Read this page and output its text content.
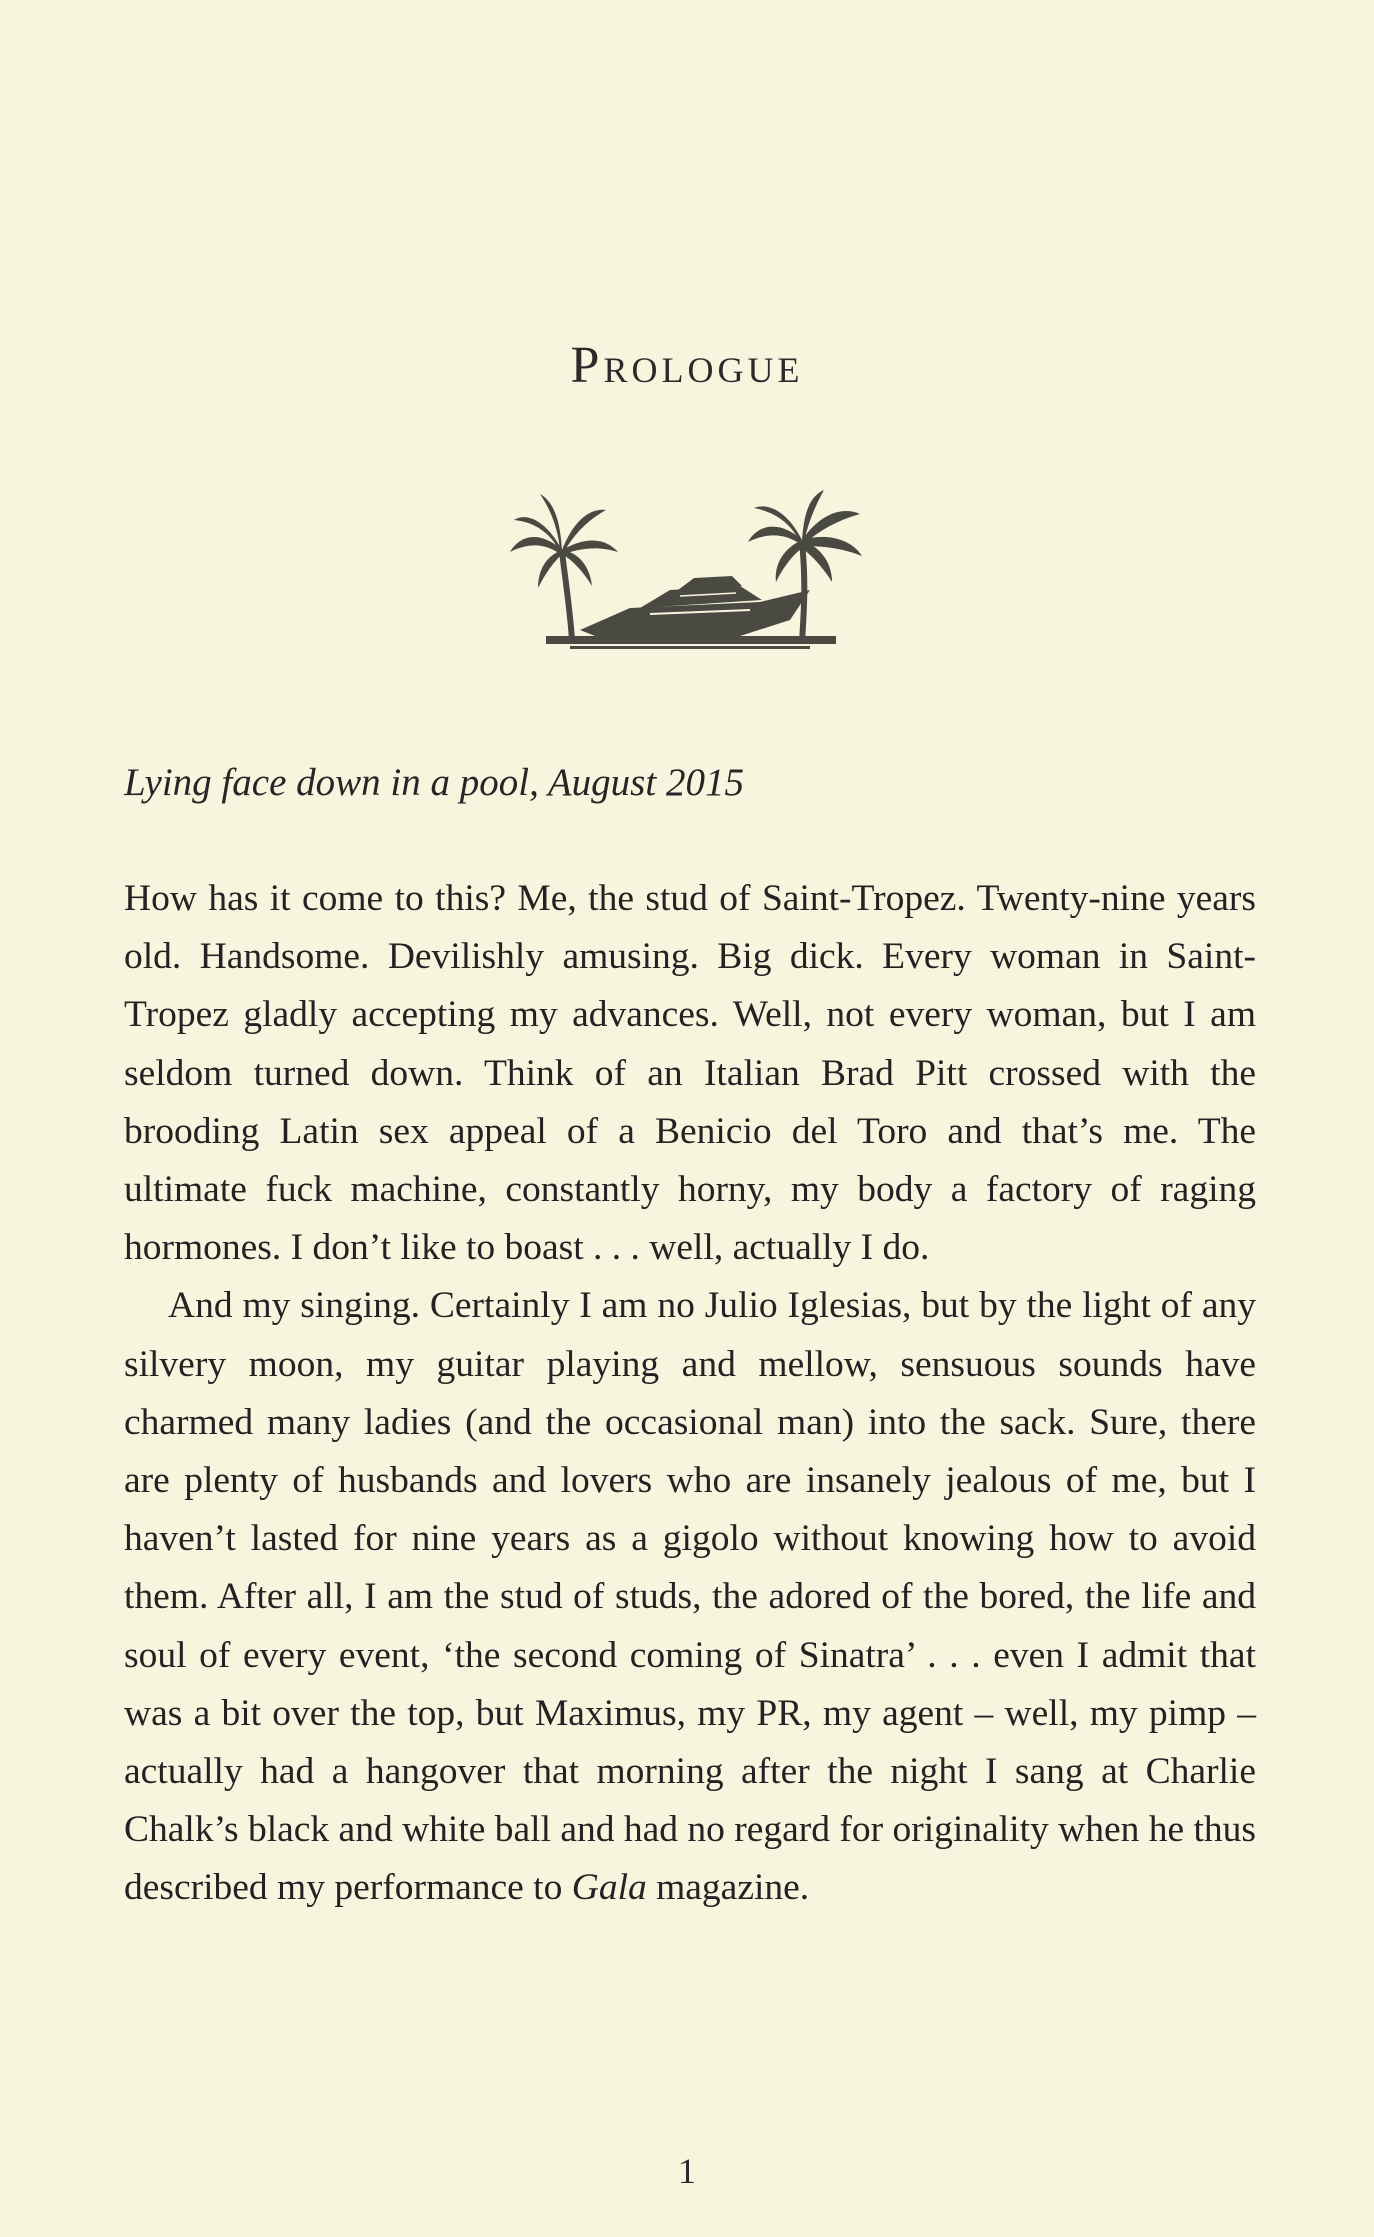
Prologue

Lying face down in a pool, August 2015

How has it come to this? Me, the stud of Saint-Tropez. Twenty-nine years old. Handsome. Devilishly amusing. Big dick. Every woman in Saint-Tropez gladly accepting my advances. Well, not every woman, but I am seldom turned down. Think of an Italian Brad Pitt crossed with the brooding Latin sex appeal of a Benicio del Toro and that’s me. The ultimate fuck machine, constantly horny, my body a factory of raging hormones. I don’t like to boast . . . well, actually I do.

And my singing. Certainly I am no Julio Iglesias, but by the light of any silvery moon, my guitar playing and mellow, sensuous sounds have charmed many ladies (and the occasional man) into the sack. Sure, there are plenty of husbands and lovers who are insanely jealous of me, but I haven’t lasted for nine years as a gigolo without knowing how to avoid them. After all, I am the stud of studs, the adored of the bored, the life and soul of every event, ‘the second coming of Sinatra’ . . . even I admit that was a bit over the top, but Maximus, my PR, my agent – well, my pimp – actually had a hangover that morning after the night I sang at Charlie Chalk’s black and white ball and had no regard for originality when he thus described my performance to Gala magazine.

1
